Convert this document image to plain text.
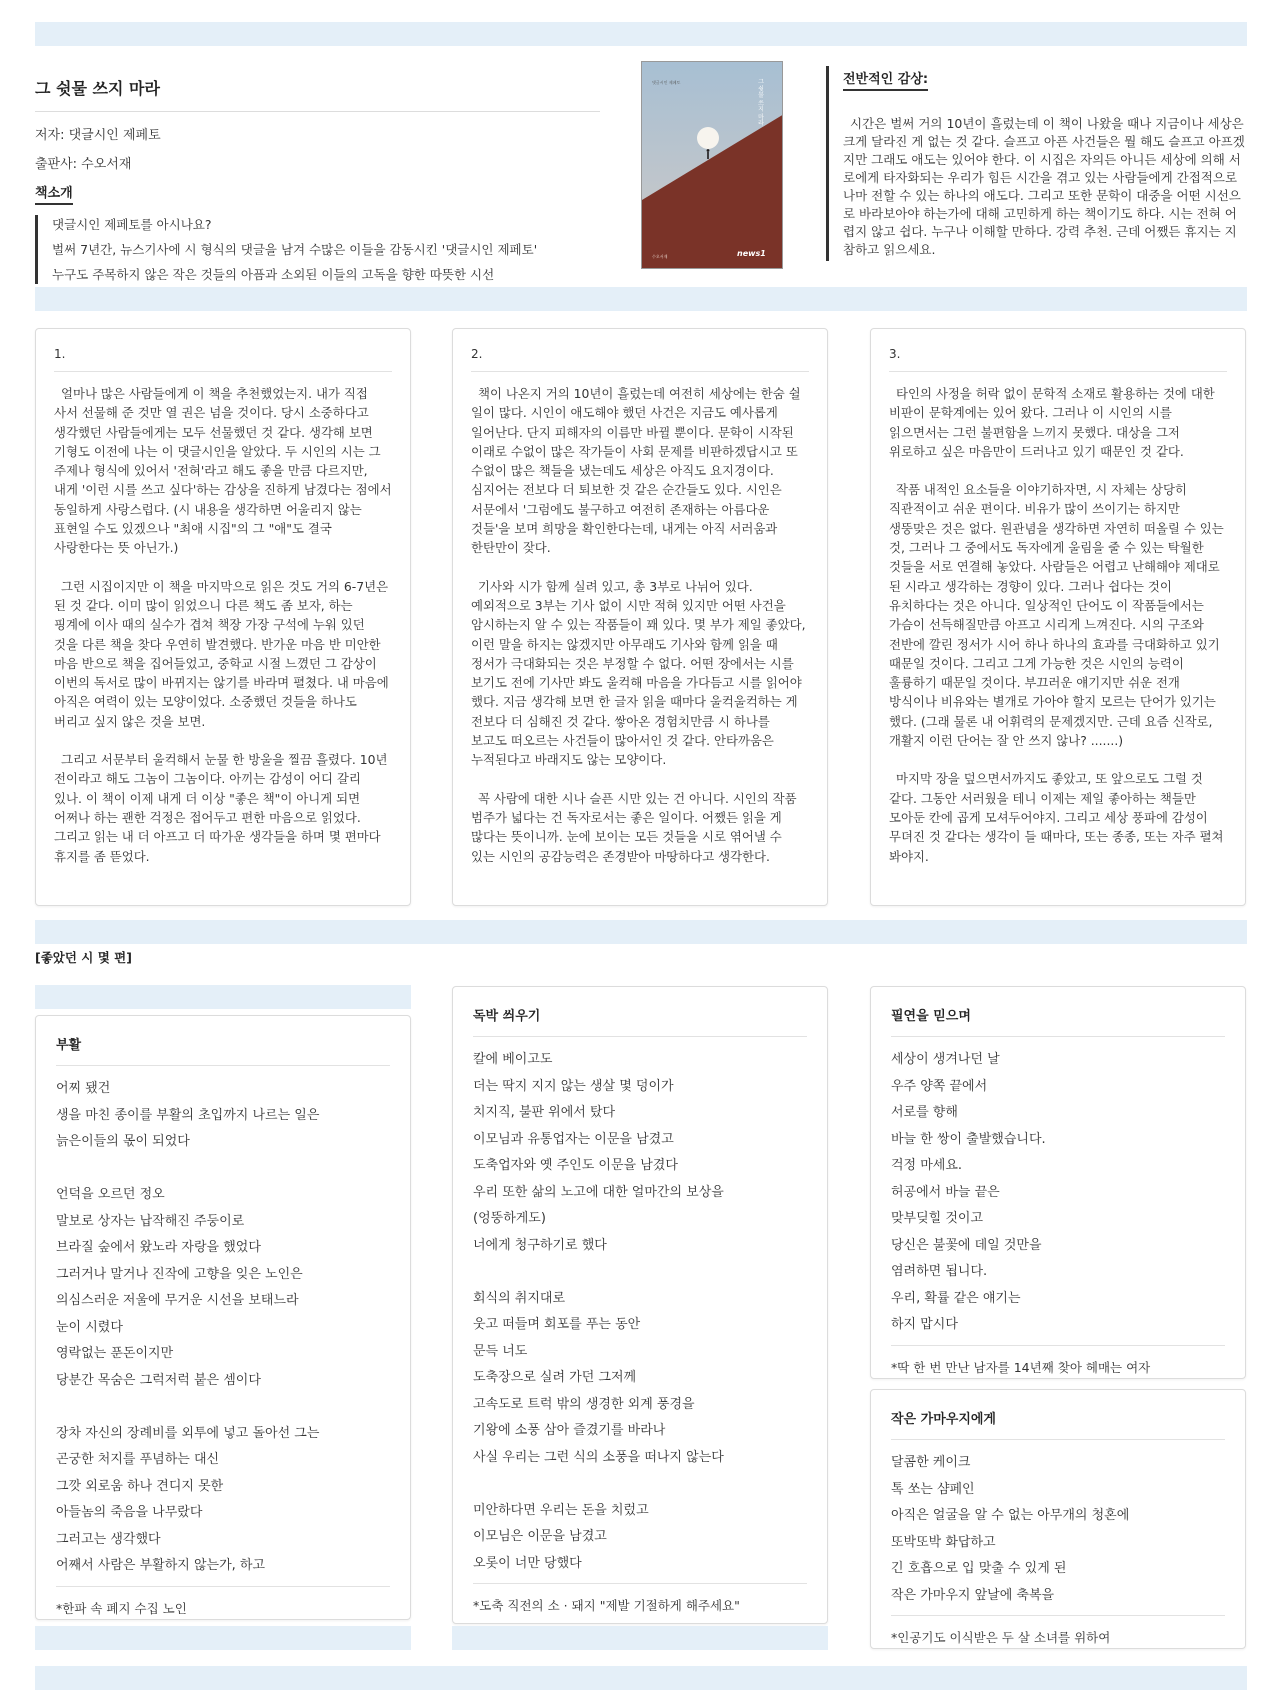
그 쉿물 쓰지 마라
저자: 댓글시인 제페토
출판사: 수오서재
책소개

댓글시인 제페토를 아시나요?

벌써 7년간, 뉴스기사에 시 형식의 댓글을 남겨 수많은 이들을 감동시킨 '댓글시인 제페토'

누구도 주목하지 않은 작은 것들의 아픔과 소외된 이들의 고독을 향한 따뜻한 시선

댓글시인 제페토	그 쉿물 쓰지 마라
수오서재	news1
전반적인 감상:
시간은 벌써 거의 10년이 흘렀는데 이 책이 나왔을 때나 지금이나 세상은 크게 달라진 게 없는 것 같다. 슬프고 아픈 사건들은 뭘 해도 슬프고 아프겠지만 그래도 애도는 있어야 한다. 이 시집은 자의든 아니든 세상에 의해 서로에게 타자화되는 우리가 힘든 시간을 겪고 있는 사람들에게 간접적으로나마 전할 수 있는 하나의 애도다. 그리고 또한 문학이 대중을 어떤 시선으로 바라보아야 하는가에 대해 고민하게 하는 책이기도 하다. 시는 전혀 어렵지 않고 쉽다. 누구나 이해할 만하다. 강력 추천. 근데 어쨌든 휴지는 지참하고 읽으세요.
1.

얼마나 많은 사람들에게 이 책을 추천했었는지. 내가 직접 사서 선물해 준 것만 열 권은 넘을 것이다. 당시 소중하다고 생각했던 사람들에게는 모두 선물했던 것 같다. 생각해 보면 기형도 이전에 나는 이 댓글시인을 알았다. 두 시인의 시는 그 주제나 형식에 있어서 '전혀'라고 해도 좋을 만큼 다르지만, 내게 '이런 시를 쓰고 싶다'하는 감상을 진하게 남겼다는 점에서 동일하게 사랑스럽다. (시 내용을 생각하면 어울리지 않는 표현일 수도 있겠으나 "최애 시집"의 그 "애"도 결국 사랑한다는 뜻 아닌가.)

그런 시집이지만 이 책을 마지막으로 읽은 것도 거의 6-7년은 된 것 같다. 이미 많이 읽었으니 다른 책도 좀 보자, 하는 핑계에 이사 때의 실수가 겹쳐 책장 가장 구석에 누워 있던 것을 다른 책을 찾다 우연히 발견했다. 반가운 마음 반 미안한 마음 반으로 책을 집어들었고, 중학교 시절 느꼈던 그 감상이 이번의 독서로 많이 바뀌지는 않기를 바라며 펼쳤다. 내 마음에 아직은 여력이 있는 모양이었다. 소중했던 것들을 하나도 버리고 싶지 않은 것을 보면.

그리고 서문부터 울컥해서 눈물 한 방울을 찔끔 흘렸다. 10년 전이라고 해도 그놈이 그놈이다. 아끼는 감성이 어디 갈리 있나. 이 책이 이제 내게 더 이상 "좋은 책"이 아니게 되면 어쩌나 하는 괜한 걱정은 접어두고 편한 마음으로 읽었다. 그리고 읽는 내 더 아프고 더 따가운 생각들을 하며 몇 편마다 휴지를 좀 뜯었다.

2.

책이 나온지 거의 10년이 흘렀는데 여전히 세상에는 한숨 쉴 일이 많다. 시인이 애도해야 했던 사건은 지금도 예사롭게 일어난다. 단지 피해자의 이름만 바뀔 뿐이다. 문학이 시작된 이래로 수없이 많은 작가들이 사회 문제를 비판하겠답시고 또 수없이 많은 책들을 냈는데도 세상은 아직도 요지경이다. 심지어는 전보다 더 퇴보한 것 같은 순간들도 있다. 시인은 서문에서 '그럼에도 불구하고 여전히 존재하는 아름다운 것들'을 보며 희망을 확인한다는데, 내게는 아직 서러움과 한탄만이 잦다.

기사와 시가 함께 실려 있고, 총 3부로 나뉘어 있다. 예외적으로 3부는 기사 없이 시만 적혀 있지만 어떤 사건을 암시하는지 알 수 있는 작품들이 꽤 있다. 몇 부가 제일 좋았다, 이런 말을 하지는 않겠지만 아무래도 기사와 함께 읽을 때 정서가 극대화되는 것은 부정할 수 없다. 어떤 장에서는 시를 보기도 전에 기사만 봐도 울컥해 마음을 가다듬고 시를 읽어야 했다. 지금 생각해 보면 한 글자 읽을 때마다 울컥울컥하는 게 전보다 더 심해진 것 같다. 쌓아온 경험치만큼 시 하나를 보고도 떠오르는 사건들이 많아서인 것 같다. 안타까움은 누적된다고 바래지도 않는 모양이다.

꼭 사람에 대한 시나 슬픈 시만 있는 건 아니다. 시인의 작품 범주가 넓다는 건 독자로서는 좋은 일이다. 어쨌든 읽을 게 많다는 뜻이니까. 눈에 보이는 모든 것들을 시로 엮어낼 수 있는 시인의 공감능력은 존경받아 마땅하다고 생각한다.

3.

타인의 사정을 허락 없이 문학적 소재로 활용하는 것에 대한 비판이 문학계에는 있어 왔다. 그러나 이 시인의 시를 읽으면서는 그런 불편함을 느끼지 못했다. 대상을 그저 위로하고 싶은 마음만이 드러나고 있기 때문인 것 같다.

작품 내적인 요소들을 이야기하자면, 시 자체는 상당히 직관적이고 쉬운 편이다. 비유가 많이 쓰이기는 하지만 생뚱맞은 것은 없다. 원관념을 생각하면 자연히 떠올릴 수 있는 것, 그러나 그 중에서도 독자에게 울림을 줄 수 있는 탁월한 것들을 서로 연결해 놓았다. 사람들은 어렵고 난해해야 제대로 된 시라고 생각하는 경향이 있다. 그러나 쉽다는 것이 유치하다는 것은 아니다. 일상적인 단어도 이 작품들에서는 가슴이 선득해질만큼 아프고 시리게 느껴진다. 시의 구조와 전반에 깔린 정서가 시어 하나 하나의 효과를 극대화하고 있기 때문일 것이다. 그리고 그게 가능한 것은 시인의 능력이 훌륭하기 때문일 것이다. 부끄러운 얘기지만 쉬운 전개 방식이나 비유와는 별개로 가아야 할지 모르는 단어가 있기는 했다. (그래 물론 내 어휘력의 문제겠지만. 근데 요즘 신작로, 개활지 이런 단어는 잘 안 쓰지 않나? .......)

마지막 장을 덮으면서까지도 좋았고, 또 앞으로도 그럴 것 같다. 그동안 서러웠을 테니 이제는 제일 좋아하는 책들만 모아둔 칸에 곱게 모셔두어야지. 그리고 세상 풍파에 감성이 무뎌진 것 같다는 생각이 들 때마다, 또는 종종, 또는 자주 펼쳐 봐야지.

[좋았던 시 몇 편]
부활
어찌 됐건
생을 마친 종이를 부활의 초입까지 나르는 일은
늙은이들의 몫이 되었다
언덕을 오르던 정오
말보로 상자는 납작해진 주둥이로
브라질 숲에서 왔노라 자랑을 했었다
그러거나 말거나 진작에 고향을 잊은 노인은
의심스러운 저울에 무거운 시선을 보태느라
눈이 시렸다
영락없는 푼돈이지만
당분간 목숨은 그럭저럭 붙은 셈이다
장차 자신의 장례비를 외투에 넣고 돌아선 그는
곤궁한 처지를 푸념하는 대신
그깟 외로움 하나 견디지 못한
아들놈의 죽음을 나무랐다
그러고는 생각했다
어째서 사람은 부활하지 않는가, 하고
*한파 속 폐지 수집 노인
독박 씌우기
칼에 베이고도
더는 딱지 지지 않는 생살 몇 덩이가
치지직, 불판 위에서 탔다
이모님과 유통업자는 이문을 남겼고
도축업자와 옛 주인도 이문을 남겼다
우리 또한 삶의 노고에 대한 얼마간의 보상을
(엉뚱하게도)
너에게 청구하기로 했다
회식의 취지대로
웃고 떠들며 회포를 푸는 동안
문득 너도
도축장으로 실려 가던 그저께
고속도로 트럭 밖의 생경한 외계 풍경을
기왕에 소풍 삼아 즐겼기를 바라나
사실 우리는 그런 식의 소풍을 떠나지 않는다
미안하다면 우리는 돈을 치렀고
이모님은 이문을 남겼고
오롯이 너만 당했다
*도축 직전의 소 · 돼지 "제발 기절하게 해주세요"
필연을 믿으며
세상이 생겨나던 날
우주 양쪽 끝에서
서로를 향해
바늘 한 쌍이 출발했습니다.
걱정 마세요.
허공에서 바늘 끝은
맞부딪힐 것이고
당신은 불꽃에 데일 것만을
염려하면 됩니다.
우리, 확률 같은 얘기는
하지 맙시다
*딱 한 번 만난 남자를 14년째 찾아 헤매는 여자
작은 가마우지에게
달콤한 케이크
톡 쏘는 샴페인
아직은 얼굴을 알 수 없는 아무개의 청혼에
또박또박 화답하고
긴 호흡으로 입 맞출 수 있게 된
작은 가마우지 앞날에 축복을
*인공기도 이식받은 두 살 소녀를 위하여
